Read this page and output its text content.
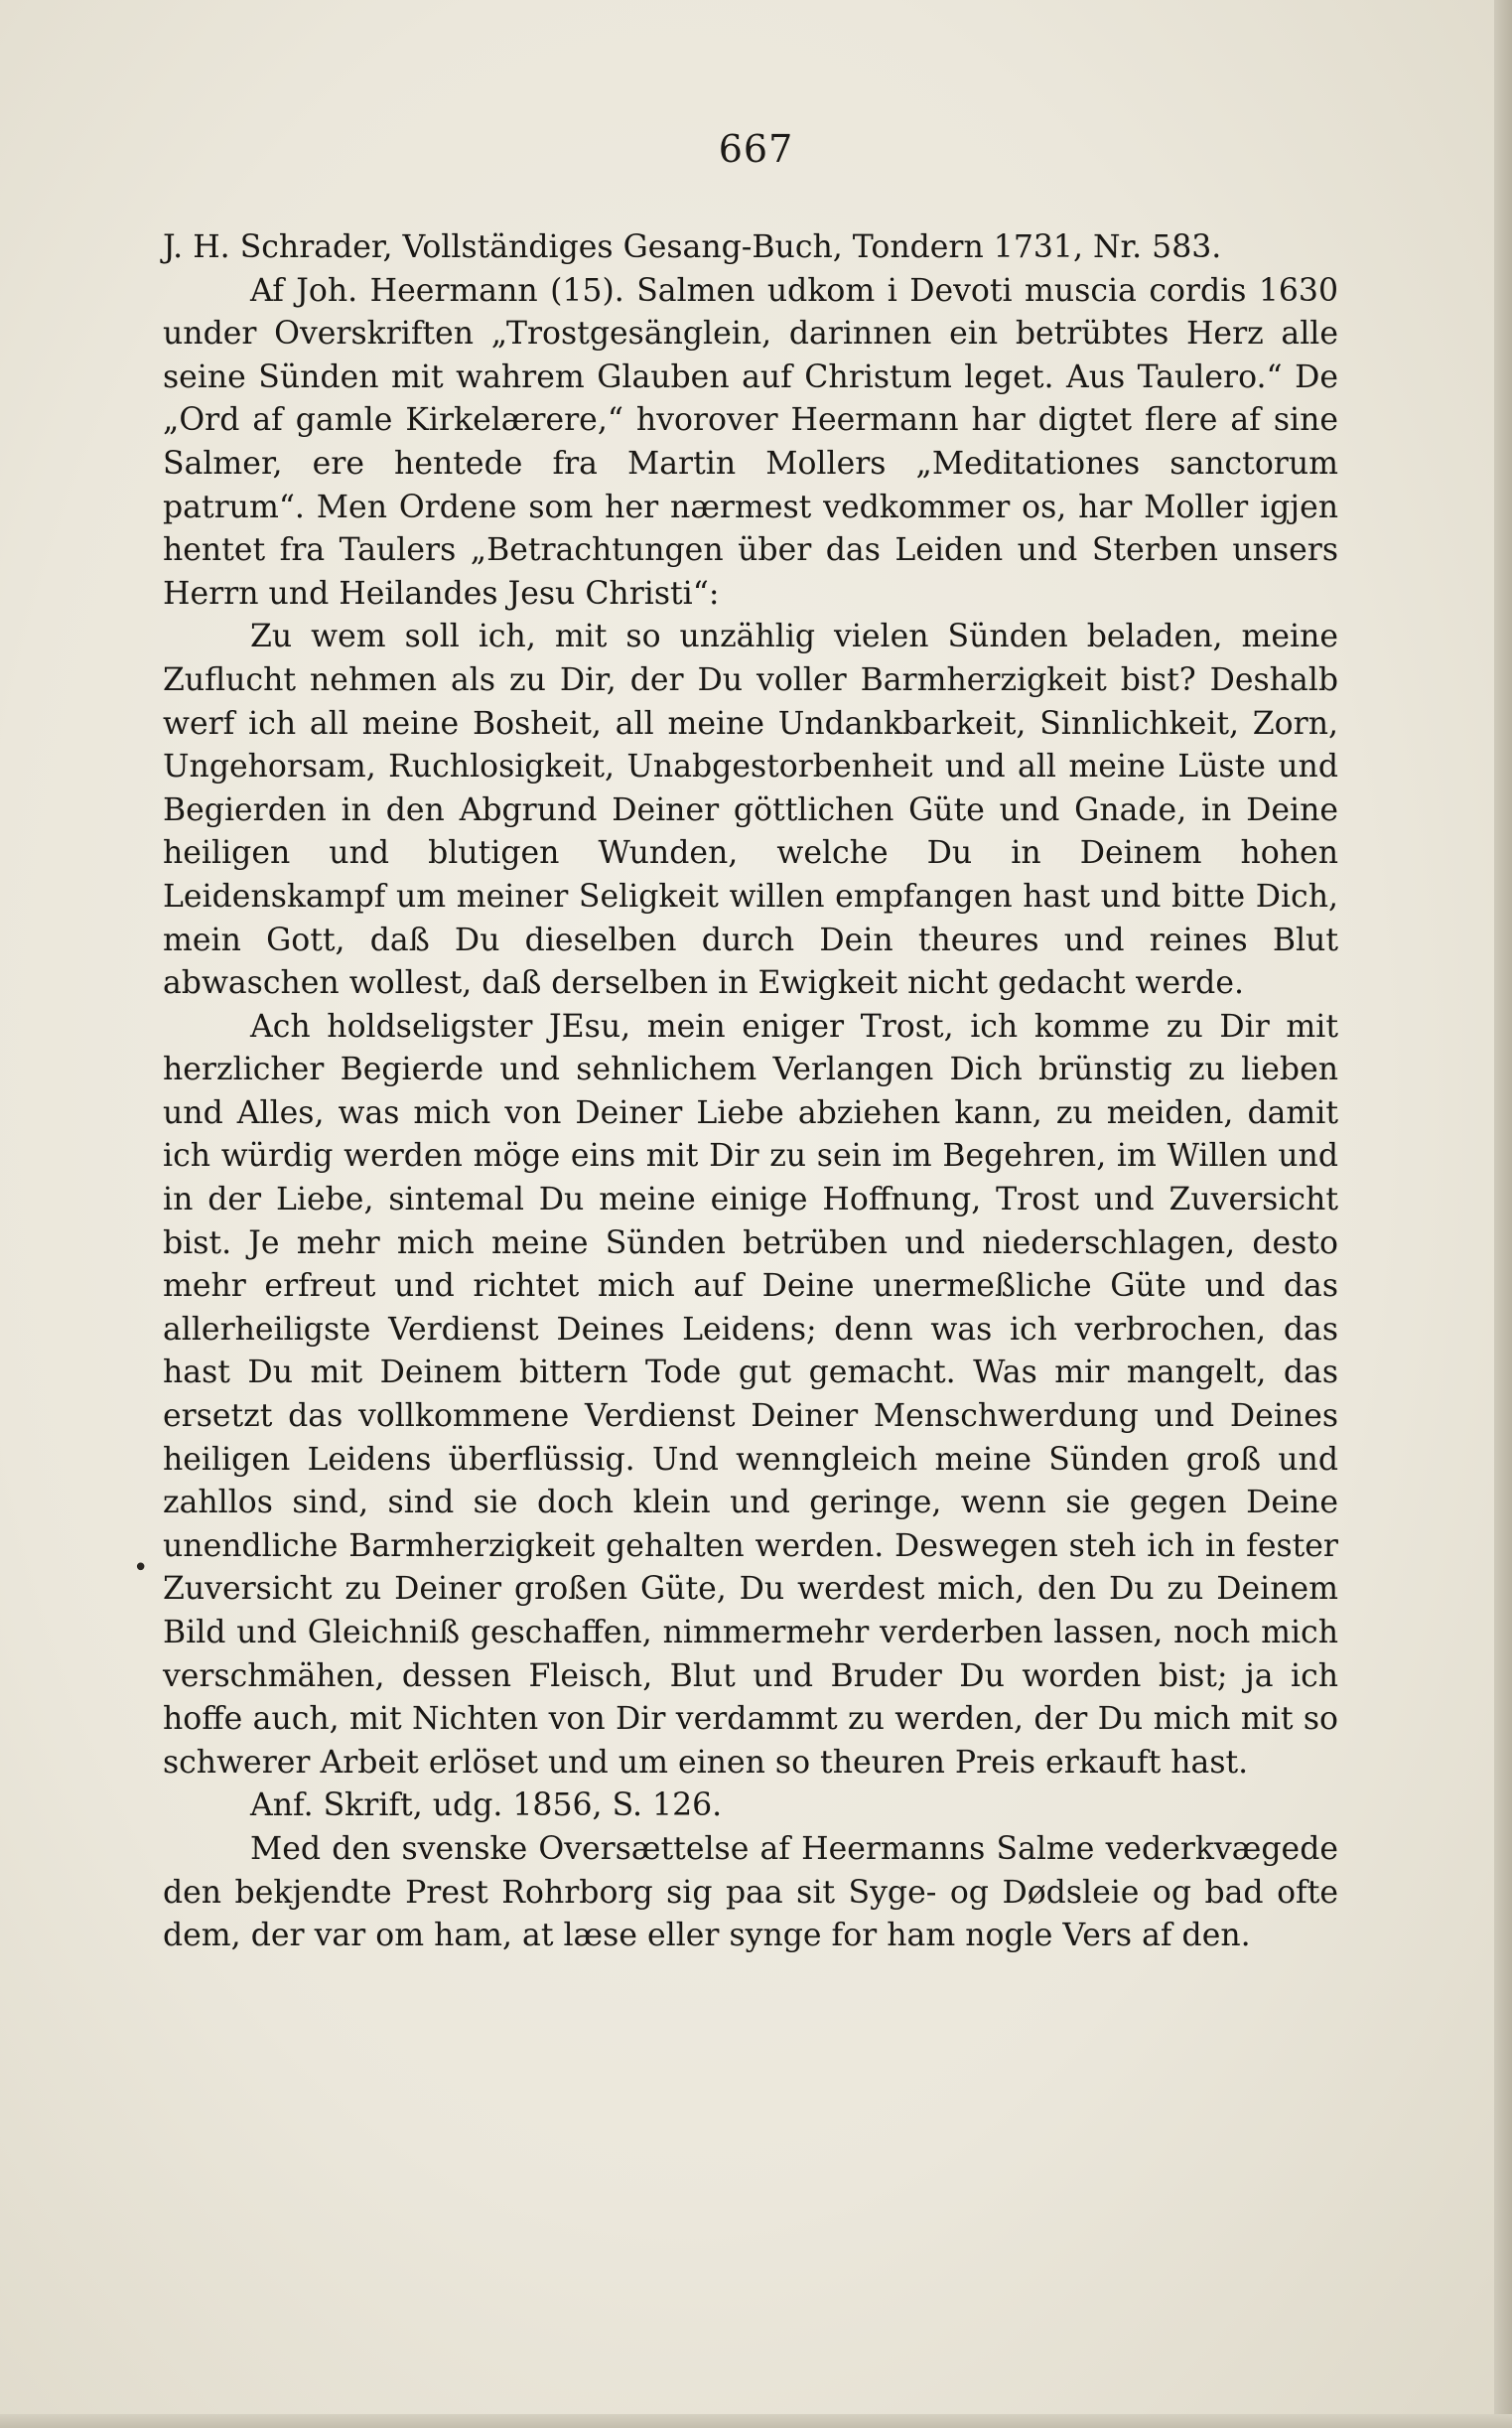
667
•

J. H. Schrader, Vollständiges Gesang-Buch, Tondern 1731, Nr. 583.

Af Joh. Heermann (15). Salmen udkom i Devoti muscia cordis 1630 under Overskriften „Trostgesänglein, darinnen ein betrübtes Herz alle seine Sünden mit wahrem Glauben auf Christum leget. Aus Taulero.“ De „Ord af gamle Kirkelærere,“ hvorover Heermann har digtet flere af sine Salmer, ere hentede fra Martin Mollers „Meditationes sanctorum patrum“. Men Ordene som her nærmest vedkommer os, har Moller igjen hentet fra Taulers „Betrachtungen über das Leiden und Sterben unsers Herrn und Heilandes Jesu Christi“:

Zu wem soll ich, mit so unzählig vielen Sünden beladen, meine Zuflucht nehmen als zu Dir, der Du voller Barmherzigkeit bist? Deshalb werf ich all meine Bosheit, all meine Undankbarkeit, Sinnlichkeit, Zorn, Ungehorsam, Ruchlosigkeit, Unabgestorbenheit und all meine Lüste und Begierden in den Abgrund Deiner göttlichen Güte und Gnade, in Deine heiligen und blutigen Wunden, welche Du in Deinem hohen Leidenskampf um meiner Seligkeit willen empfangen hast und bitte Dich, mein Gott, daß Du dieselben durch Dein theures und reines Blut abwaschen wollest, daß derselben in Ewigkeit nicht gedacht werde.

Ach holdseligster JEsu, mein eniger Trost, ich komme zu Dir mit herzlicher Begierde und sehnlichem Verlangen Dich brünstig zu lieben und Alles, was mich von Deiner Liebe abziehen kann, zu meiden, damit ich würdig werden möge eins mit Dir zu sein im Begehren, im Willen und in der Liebe, sintemal Du meine einige Hoffnung, Trost und Zuversicht bist. Je mehr mich meine Sünden betrüben und niederschlagen, desto mehr erfreut und richtet mich auf Deine unermeßliche Güte und das allerheiligste Verdienst Deines Leidens; denn was ich verbrochen, das hast Du mit Deinem bittern Tode gut gemacht. Was mir mangelt, das ersetzt das vollkommene Verdienst Deiner Menschwerdung und Deines heiligen Leidens überflüssig. Und wenngleich meine Sünden groß und zahllos sind, sind sie doch klein und geringe, wenn sie gegen Deine unendliche Barmherzigkeit gehalten werden. Deswegen steh ich in fester Zuversicht zu Deiner großen Güte, Du werdest mich, den Du zu Deinem Bild und Gleichniß geschaffen, nimmermehr verderben lassen, noch mich verschmähen, dessen Fleisch, Blut und Bruder Du worden bist; ja ich hoffe auch, mit Nichten von Dir verdammt zu werden, der Du mich mit so schwerer Arbeit erlöset und um einen so theuren Preis erkauft hast.

Anf. Skrift, udg. 1856, S. 126.

Med den svenske Oversættelse af Heermanns Salme vederkvægede den bekjendte Prest Rohrborg sig paa sit Syge- og Dødsleie og bad ofte dem, der var om ham, at læse eller synge for ham nogle Vers af den.
